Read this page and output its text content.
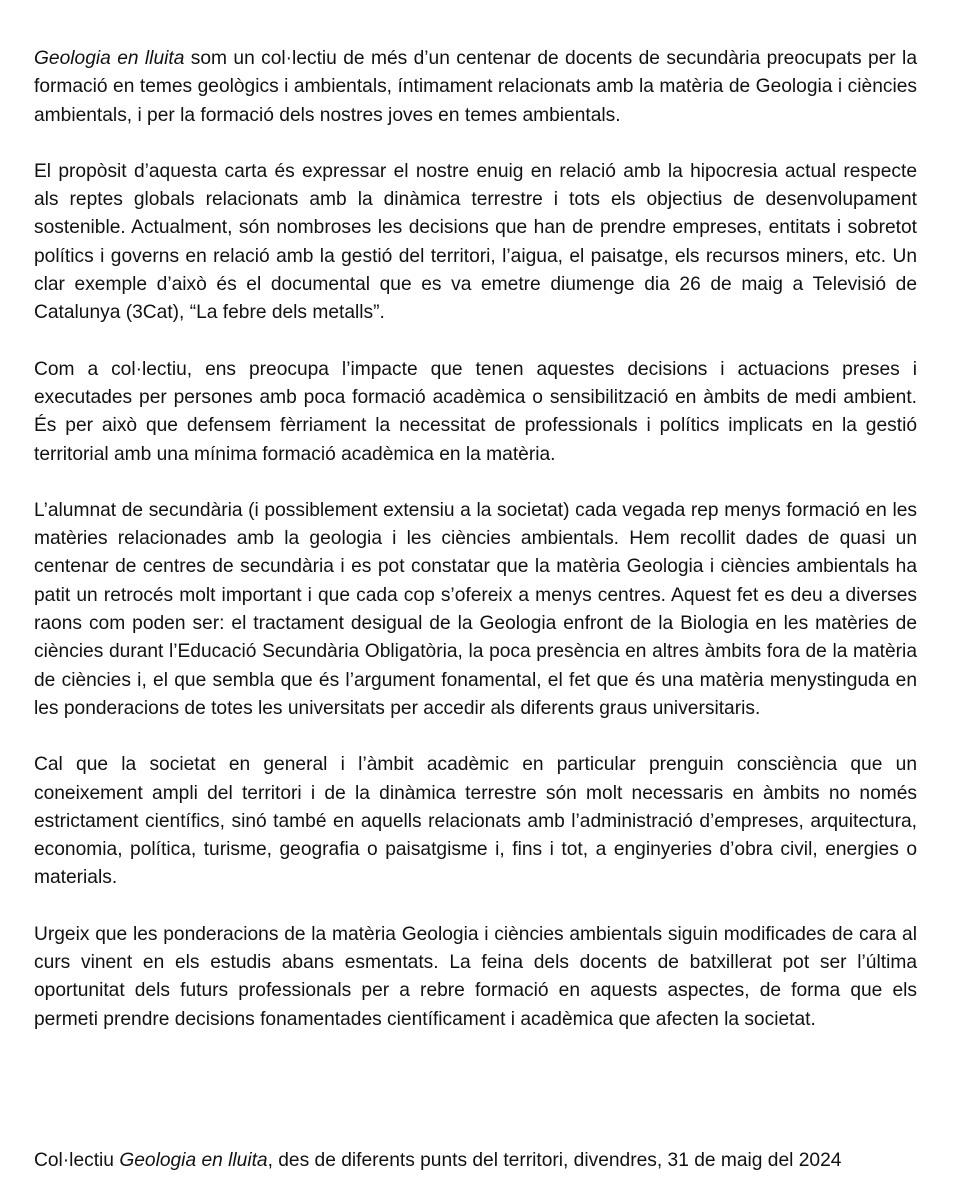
Geologia en lluita som un col·lectiu de més d’un centenar de docents de secundària preocupats per la formació en temes geològics i ambientals, íntimament relacionats amb la matèria de Geologia i ciències ambientals, i per la formació dels nostres joves en temes ambientals.

El propòsit d’aquesta carta és expressar el nostre enuig en relació amb la hipocresia actual respecte als reptes globals relacionats amb la dinàmica terrestre i tots els objectius de desenvolupament sostenible. Actualment, són nombroses les decisions que han de prendre empreses, entitats i sobretot polítics i governs en relació amb la gestió del territori, l’aigua, el paisatge, els recursos miners, etc. Un clar exemple d’això és el documental que es va emetre diumenge dia 26 de maig a Televisió de Catalunya (3Cat), “La febre dels metalls”.

Com a col·lectiu, ens preocupa l’impacte que tenen aquestes decisions i actuacions preses i executades per persones amb poca formació acadèmica o sensibilització en àmbits de medi ambient. És per això que defensem fèrriament la necessitat de professionals i polítics implicats en la gestió territorial amb una mínima formació acadèmica en la matèria.

L’alumnat de secundària (i possiblement extensiu a la societat) cada vegada rep menys formació en les matèries relacionades amb la geologia i les ciències ambientals. Hem recollit dades de quasi un centenar de centres de secundària i es pot constatar que la matèria Geologia i ciències ambientals ha patit un retrocés molt important i que cada cop s’ofereix a menys centres. Aquest fet es deu a diverses raons com poden ser: el tractament desigual de la Geologia enfront de la Biologia en les matèries de ciències durant l’Educació Secundària Obligatòria, la poca presència en altres àmbits fora de la matèria de ciències i, el que sembla que és l’argument fonamental, el fet que és una matèria menystinguda en les ponderacions de totes les universitats per accedir als diferents graus universitaris.

Cal que la societat en general i l’àmbit acadèmic en particular prenguin consciència que un coneixement ampli del territori i de la dinàmica terrestre són molt necessaris en àmbits no només estrictament científics, sinó també en aquells relacionats amb l’administració d’empreses, arquitectura, economia, política, turisme, geografia o paisatgisme i, fins i tot, a enginyeries d’obra civil, energies o materials.

Urgeix que les ponderacions de la matèria Geologia i ciències ambientals siguin modificades de cara al curs vinent en els estudis abans esmentats. La feina dels docents de batxillerat pot ser l’última oportunitat dels futurs professionals per a rebre formació en aquests aspectes, de forma que els permeti prendre decisions fonamentades científicament i acadèmica que afecten la societat.

Col·lectiu Geologia en lluita, des de diferents punts del territori, divendres, 31 de maig del 2024
